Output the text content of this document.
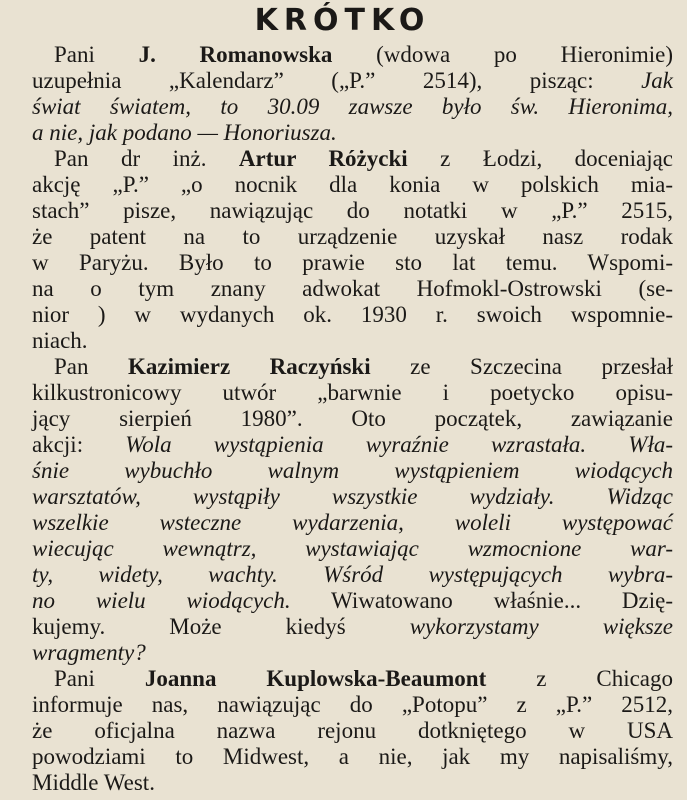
KRÓTKO
Pani J. Romanowska (wdowa po Hieronimie)
uzupełnia „Kalendarz” („P.” 2514), pisząc: Jak
świat światem, to 30.09 zawsze było św. Hieronima,
a nie, jak podano — Honoriusza.
Pan dr inż. Artur Różycki z Łodzi, doceniając
akcję „P.” „o nocnik dla konia w polskich mia-
stach” pisze, nawiązując do notatki w „P.” 2515,
że patent na to urządzenie uzyskał nasz rodak
w Paryżu. Było to prawie sto lat temu. Wspomi-
na o tym znany adwokat Hofmokl-Ostrowski (se-
nior ) w wydanych ok. 1930 r. swoich wspomnie-
niach.
Pan Kazimierz Raczyński ze Szczecina przesłał
kilkustronicowy utwór „barwnie i poetycko opisu-
jący sierpień 1980”. Oto początek, zawiązanie
akcji: Wola wystąpienia wyraźnie wzrastała. Wła-
śnie wybuchło walnym wystąpieniem wiodących
warsztatów, wystąpiły wszystkie wydziały. Widząc
wszelkie wsteczne wydarzenia, woleli występować
wiecując wewnątrz, wystawiając wzmocnione war-
ty, widety, wachty. Wśród występujących wybra-
no wielu wiodących. Wiwatowano właśnie... Dzię-
kujemy. Może kiedyś wykorzystamy większe
wragmenty?
Pani Joanna Kuplowska-Beaumont z Chicago
informuje nas, nawiązując do „Potopu” z „P.” 2512,
że oficjalna nazwa rejonu dotkniętego w USA
powodziami to Midwest, a nie, jak my napisaliśmy,
Middle West.
